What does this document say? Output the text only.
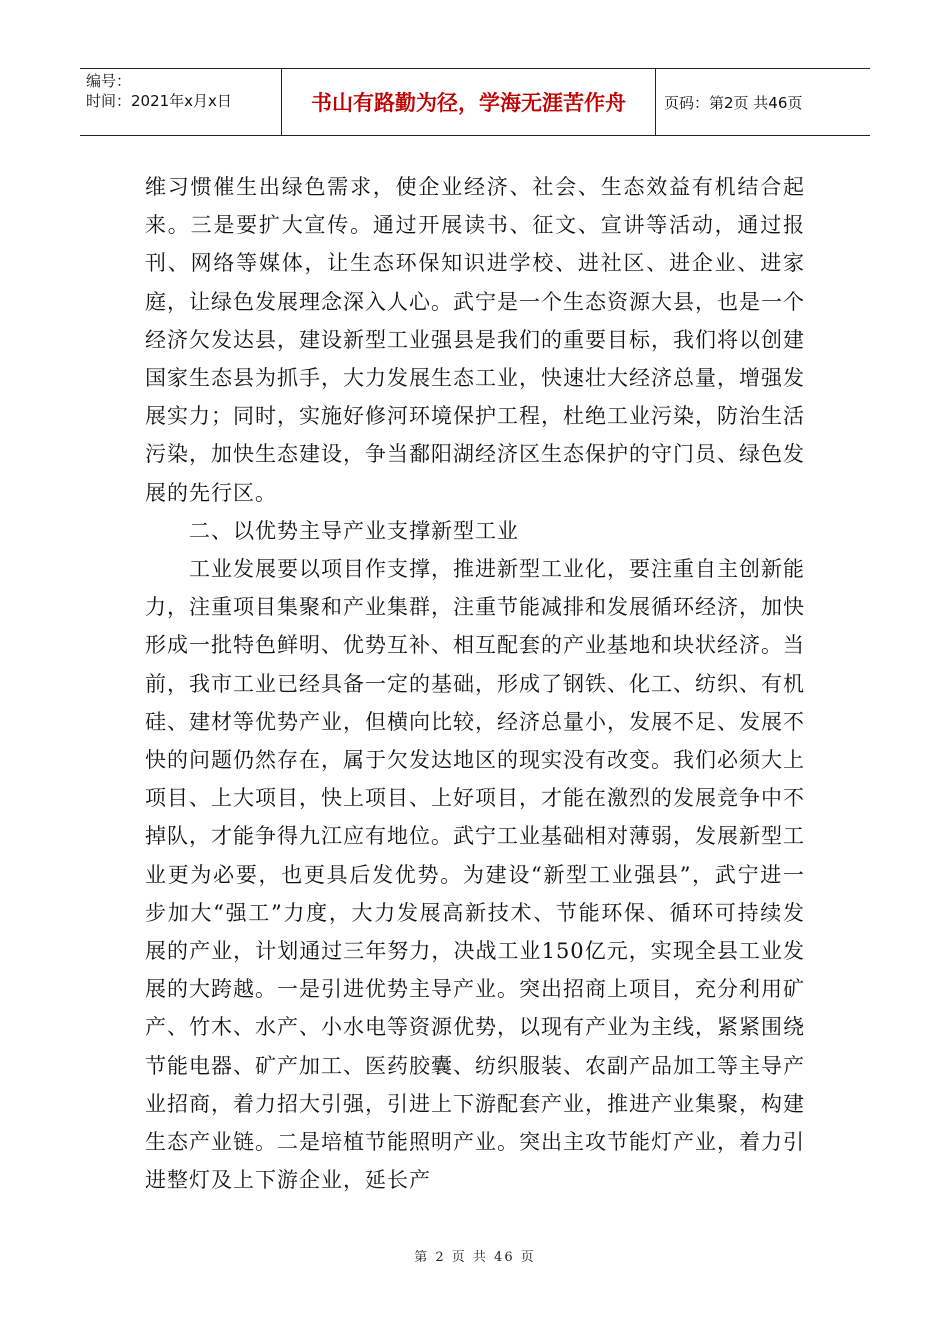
编号：
时间：2021年x月x日	书山有路勤为径，学海无涯苦作舟	页码：第2页 共46页

维习惯催生出绿色需求，使企业经济、社会、生态效益有机结合起来。三是要扩大宣传。通过开展读书、征文、宣讲等活动，通过报刊、网络等媒体，让生态环保知识进学校、进社区、进企业、进家庭，让绿色发展理念深入人心。武宁是一个生态资源大县，也是一个经济欠发达县，建设新型工业强县是我们的重要目标，我们将以创建国家生态县为抓手，大力发展生态工业，快速壮大经济总量，增强发展实力；同时，实施好修河环境保护工程，杜绝工业污染，防治生活污染，加快生态建设，争当鄱阳湖经济区生态保护的守门员、绿色发展的先行区。

二、以优势主导产业支撑新型工业

工业发展要以项目作支撑，推进新型工业化，要注重自主创新能力，注重项目集聚和产业集群，注重节能减排和发展循环经济，加快形成一批特色鲜明、优势互补、相互配套的产业基地和块状经济。当前，我市工业已经具备一定的基础，形成了钢铁、化工、纺织、有机硅、建材等优势产业，但横向比较，经济总量小，发展不足、发展不快的问题仍然存在，属于欠发达地区的现实没有改变。我们必须大上项目、上大项目，快上项目、上好项目，才能在激烈的发展竞争中不掉队，才能争得九江应有地位。武宁工业基础相对薄弱，发展新型工业更为必要，也更具后发优势。为建设“新型工业强县”，武宁进一步加大“强工”力度，大力发展高新技术、节能环保、循环可持续发展的产业，计划通过三年努力，决战工业150亿元，实现全县工业发展的大跨越。一是引进优势主导产业。突出招商上项目，充分利用矿产、竹木、水产、小水电等资源优势，以现有产业为主线，紧紧围绕节能电器、矿产加工、医药胶囊、纺织服装、农副产品加工等主导产业招商，着力招大引强，引进上下游配套产业，推进产业集聚，构建生态产业链。二是培植节能照明产业。突出主攻节能灯产业，着力引进整灯及上下游企业，延长产

第 2 页 共 46 页
